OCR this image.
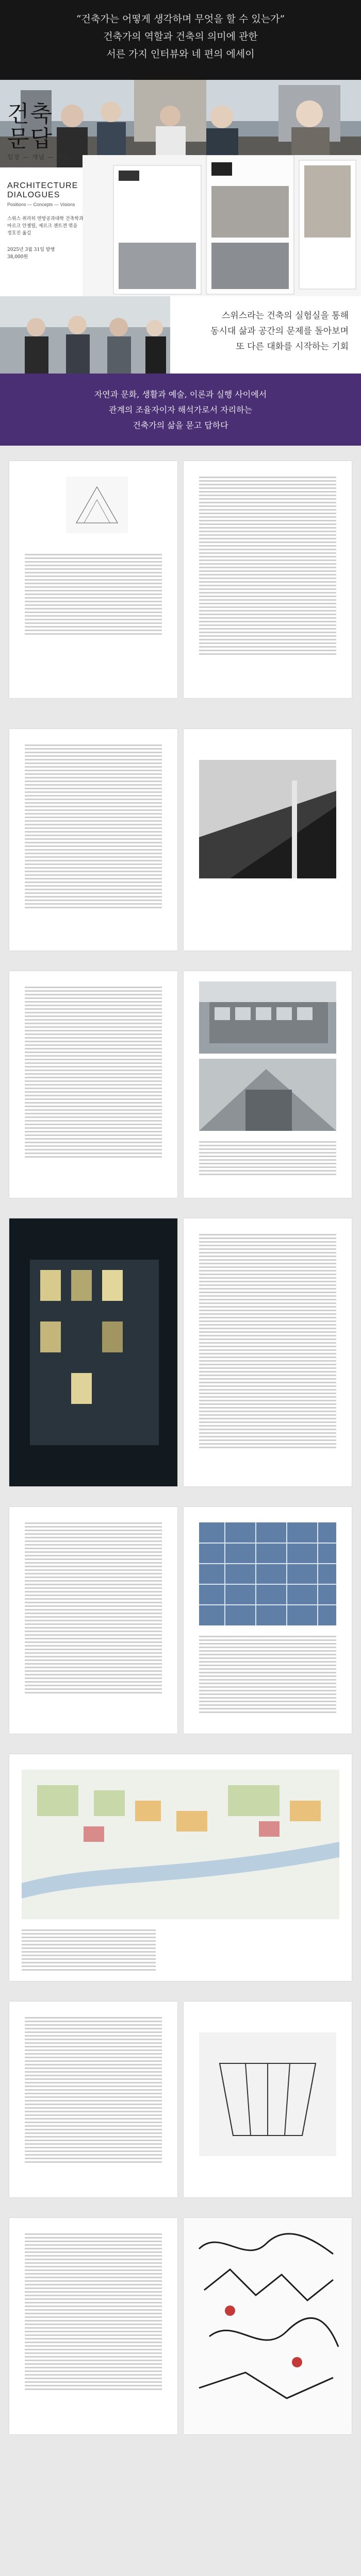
“건축가는 어떻게 생각하며 무엇을 할 수 있는가”
건축가의 역할과 건축의 의미에 관한
서른 가지 인터뷰와 네 편의 에세이
건축
문답
입장 — 개념 — 비전
ARCHITECTURE
DIALOGUES
Positions — Concepts — Visions
스위스 취리히 연방공과대학 건축학과
마르크 안젤릴, 제르크 젠트겐 엮음
정호진 옮김
2025년 3월 31일 발행
38,000원
스위스라는 건축의 실험실을 통해
동시대 삶과 공간의 문제를 돌아보며
또 다른 대화를 시작하는 기회
자연과 문화, 생활과 예술, 이론과 실행 사이에서
관계의 조율자이자 해석가로서 자리하는
건축가의 삶을 묻고 답하다
